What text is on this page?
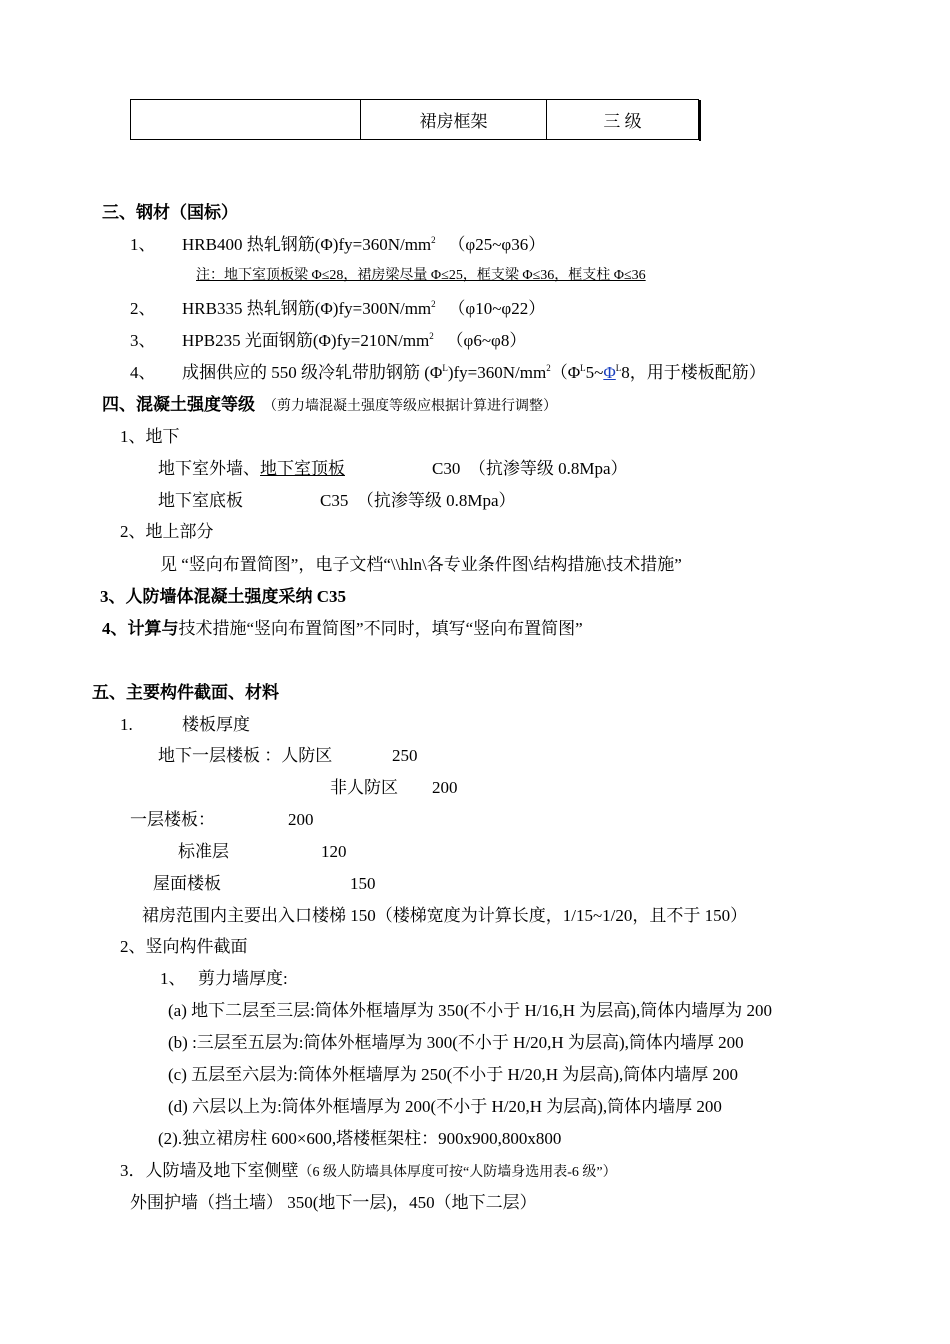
裙房框架	三 级
三、钢材（国标）
1、 HRB400 热轧钢筋$(\Phi)fy=360N/mm^2$ （φ25~φ36）
注：地下室顶板梁 Φ≤28，裙房梁尽量 Φ≤25，框支梁 Φ≤36，框支柱 Φ≤36
2、 HRB335 热轧钢筋$(\Phi)fy=300N/mm^2$ （φ10~φ22）
3、 HPB235 光面钢筋$(\Phi)fy=210N/mm^2$ （φ6~φ8）
4、 成捆供应的 550 级冷轧带肋钢筋 $(\Phi^L)fy=360N/mm^2(\Phi^L5\sim\Phi^L8$，用于楼板配筋）
四、混凝土强度等级 （剪力墙混凝土强度等级应根据计算进行调整）
1、地下
地下室外墙、地下室顶板	C30 （抗渗等级 0.8Mpa）
地下室底板	C35 （抗渗等级 0.8Mpa）
2、地上部分
见 “竖向布置简图”，电子文档“\\hln\各专业条件图\结构措施\技术措施”
3、人防墙体混凝土强度采纳 C35
4、计算与技术措施“竖向布置简图”不同时，填写“竖向布置简图”
五、主要构件截面、材料
1.	楼板厚度
地下一层楼板 ：人防区	250
非人防区 200
一层楼板：	200
标准层	120
屋面楼板	150
裙房范围内主要出入口楼梯 150（楼梯宽度为计算长度，1/15~1/20，且不于 150）
2、竖向构件截面
1、 剪力墙厚度:
(a) 地下二层至三层:筒体外框墙厚为 350(不小于 H/16,H 为层高),筒体内墙厚为 200
(b) :三层至五层为:筒体外框墙厚为 300(不小于 H/20,H 为层高),筒体内墙厚 200
(c) 五层至六层为:筒体外框墙厚为 250(不小于 H/20,H 为层高),筒体内墙厚 200
(d) 六层以上为:筒体外框墙厚为 200(不小于 H/20,H 为层高),筒体内墙厚 200
(2).独立裙房柱 600×600,塔楼框架柱：900x900,800x800
3．人防墙及地下室侧壁（6 级人防墙具体厚度可按“人防墙身选用表-6 级”）
外围护墙（挡土墙） 350(地下一层)，450（地下二层）
